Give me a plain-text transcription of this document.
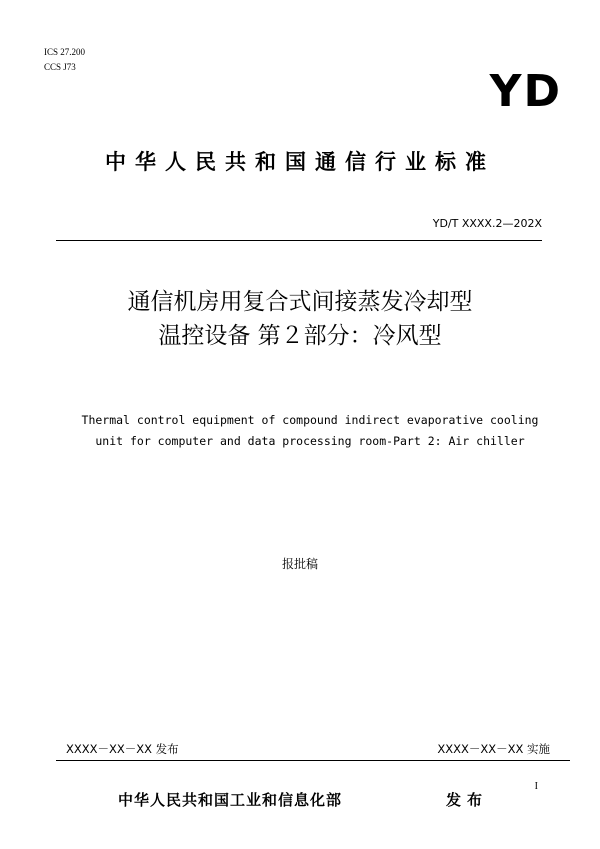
ICS 27.200
CCS J73	YD
中华人民共和国通信行业标准
YD/T XXXX.2—202X
通信机房用复合式间接蒸发冷却型
温控设备 第２部分：冷风型
Thermal control equipment of compound indirect evaporative cooling unit for computer and data processing room-Part 2: Air chiller
报批稿
XXXX－XX－XX 发布	XXXX－XX－XX 实施
I
中华人民共和国工业和信息化部	发布
